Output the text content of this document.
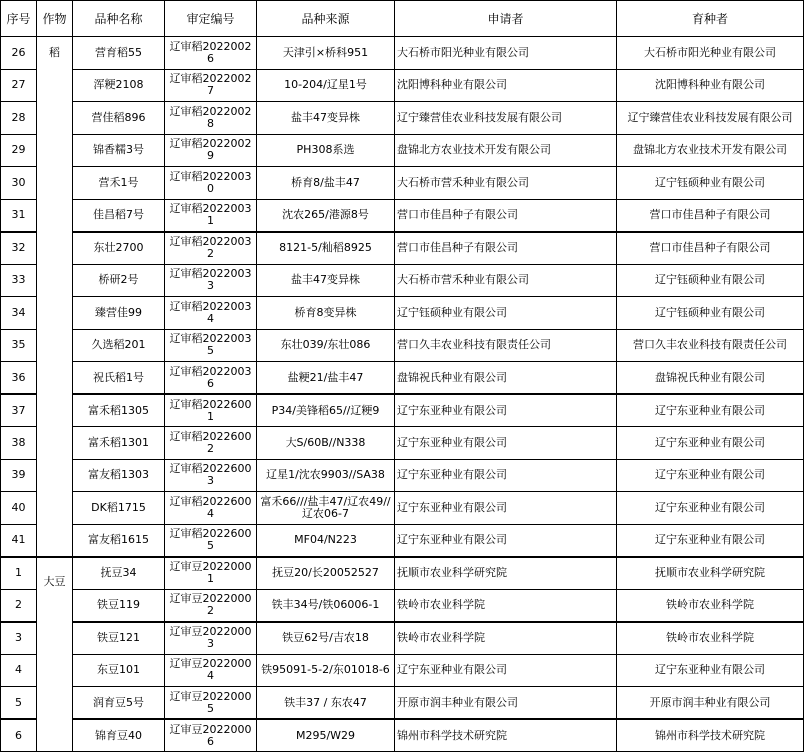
序号	作物	品种名称	审定编号	品种来源	申请者	育种者
26	稻	营育稻55	辽审稻20220026	天津引×桥科951	大石桥市阳光种业有限公司	大石桥市阳光种业有限公司
27		浑粳2108	辽审稻20220027	10-204/辽星1号	沈阳博科种业有限公司	沈阳博科种业有限公司
28		营佳稻896	辽审稻20220028	盐丰47变异株	辽宁臻营佳农业科技发展有限公司	辽宁臻营佳农业科技发展有限公司
29		锦香糯3号	辽审稻20220029	PH308系选	盘锦北方农业技术开发有限公司	盘锦北方农业技术开发有限公司
30		营禾1号	辽审稻20220030	桥育8/盐丰47	大石桥市营禾种业有限公司	辽宁钰硕种业有限公司
31		佳昌稻7号	辽审稻20220031	沈农265/港源8号	营口市佳昌种子有限公司	营口市佳昌种子有限公司
32		东壮2700	辽审稻20220032	8121-5/籼稻8925	营口市佳昌种子有限公司	营口市佳昌种子有限公司
33		桥研2号	辽审稻20220033	盐丰47变异株	大石桥市营禾种业有限公司	辽宁钰硕种业有限公司
34		臻营佳99	辽审稻20220034	桥育8变异株	辽宁钰硕种业有限公司	辽宁钰硕种业有限公司
35		久选稻201	辽审稻20220035	东壮039/东壮086	营口久丰农业科技有限责任公司	营口久丰农业科技有限责任公司
36		祝氏稻1号	辽审稻20220036	盐粳21/盐丰47	盘锦祝氏种业有限公司	盘锦祝氏种业有限公司
37		富禾稻1305	辽审稻20226001	P34/美锋稻65//辽粳9	辽宁东亚种业有限公司	辽宁东亚种业有限公司
38		富禾稻1301	辽审稻20226002	大S/60B//N338	辽宁东亚种业有限公司	辽宁东亚种业有限公司
39		富友稻1303	辽审稻20226003	辽星1/沈农9903//SA38	辽宁东亚种业有限公司	辽宁东亚种业有限公司
40		DK稻1715	辽审稻20226004	富禾66///盐丰47/辽农49//辽农06-7	辽宁东亚种业有限公司	辽宁东亚种业有限公司
41		富友稻1615	辽审稻20226005	MF04/N223	辽宁东亚种业有限公司	辽宁东亚种业有限公司
1	大豆	抚豆34	辽审豆20220001	抚豆20/长20052527	抚顺市农业科学研究院	抚顺市农业科学研究院
2		铁豆119	辽审豆20220002	铁丰34号/铁06006-1	铁岭市农业科学院	铁岭市农业科学院
3		铁豆121	辽审豆20220003	铁豆62号/吉农18	铁岭市农业科学院	铁岭市农业科学院
4		东豆101	辽审豆20220004	铁95091-5-2/东01018-6	辽宁东亚种业有限公司	辽宁东亚种业有限公司
5		润育豆5号	辽审豆20220005	铁丰37 / 东农47	开原市润丰种业有限公司	开原市润丰种业有限公司
6		锦育豆40	辽审豆20220006	M295/W29	锦州市科学技术研究院	锦州市科学技术研究院
